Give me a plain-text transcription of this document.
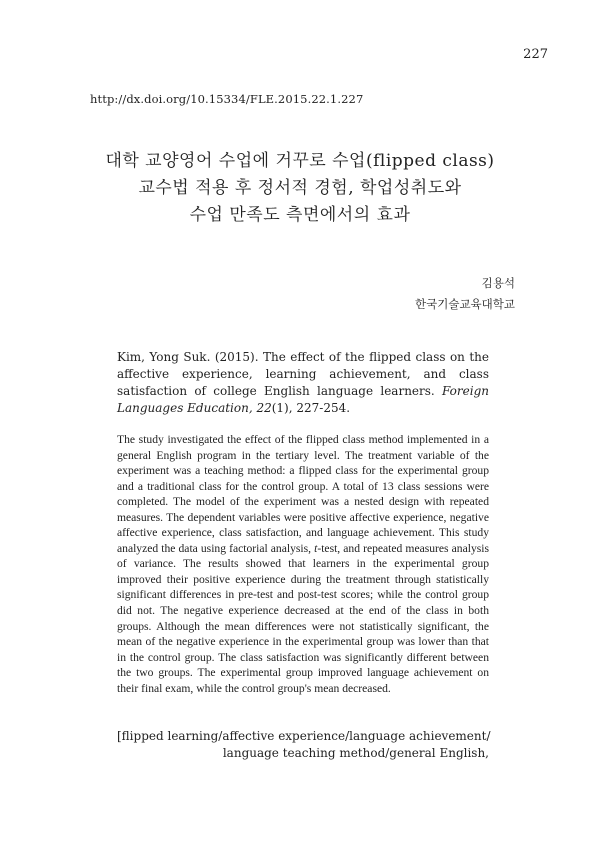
227
http://dx.doi.org/10.15334/FLE.2015.22.1.227
대학 교양영어 수업에 거꾸로 수업(flipped class)
교수법 적용 후 정서적 경험, 학업성취도와
수업 만족도 측면에서의 효과
김용석
한국기술교육대학교

Kim, Yong Suk. (2015). The effect of the flipped class on the affective experience, learning achievement, and class satisfaction of college English language learners. Foreign Languages Education, 22(1), 227-254.

The study investigated the effect of the flipped class method implemented in a general English program in the tertiary level. The treatment variable of the experiment was a teaching method: a flipped class for the experimental group and a traditional class for the control group. A total of 13 class sessions were completed. The model of the experiment was a nested design with repeated measures. The dependent variables were positive affective experience, negative affective experience, class satisfaction, and language achievement. This study analyzed the data using factorial analysis, t-test, and repeated measures analysis of variance. The results showed that learners in the experimental group improved their positive experience during the treatment through statistically significant differences in pre-test and post-test scores; while the control group did not. The negative experience decreased at the end of the class in both groups. Although the mean differences were not statistically significant, the mean of the negative experience in the experimental group was lower than that in the control group. The class satisfaction was significantly different between the two groups. The experimental group improved language achievement on their final exam, while the control group's mean decreased.

[flipped learning/affective experience/language achievement/
language teaching method/general English,
